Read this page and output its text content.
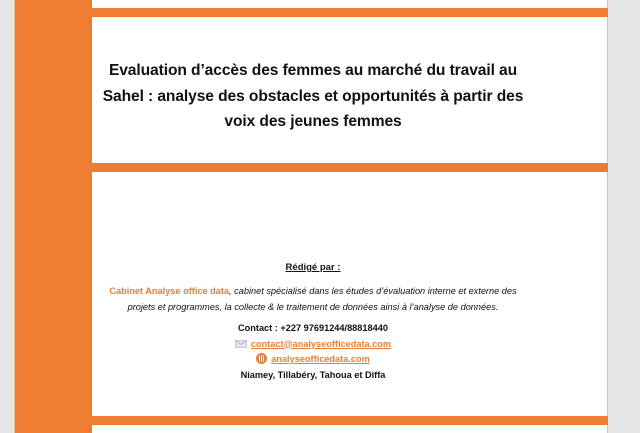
Evaluation d’accès des femmes au marché du travail au
Sahel : analyse des obstacles et opportunités à partir des
voix des jeunes femmes
Rédigé par :
Cabinet Analyse office data, cabinet spécialisé dans les études d’évaluation interne et externe des
projets et programmes, la collecte & le traitement de données ainsi à l’analyse de données.
Contact : +227 97691244/88818440
contact@analyseofficedata.com
analyseofficedata.com
Niamey, Tillabéry, Tahoua et Diffa
